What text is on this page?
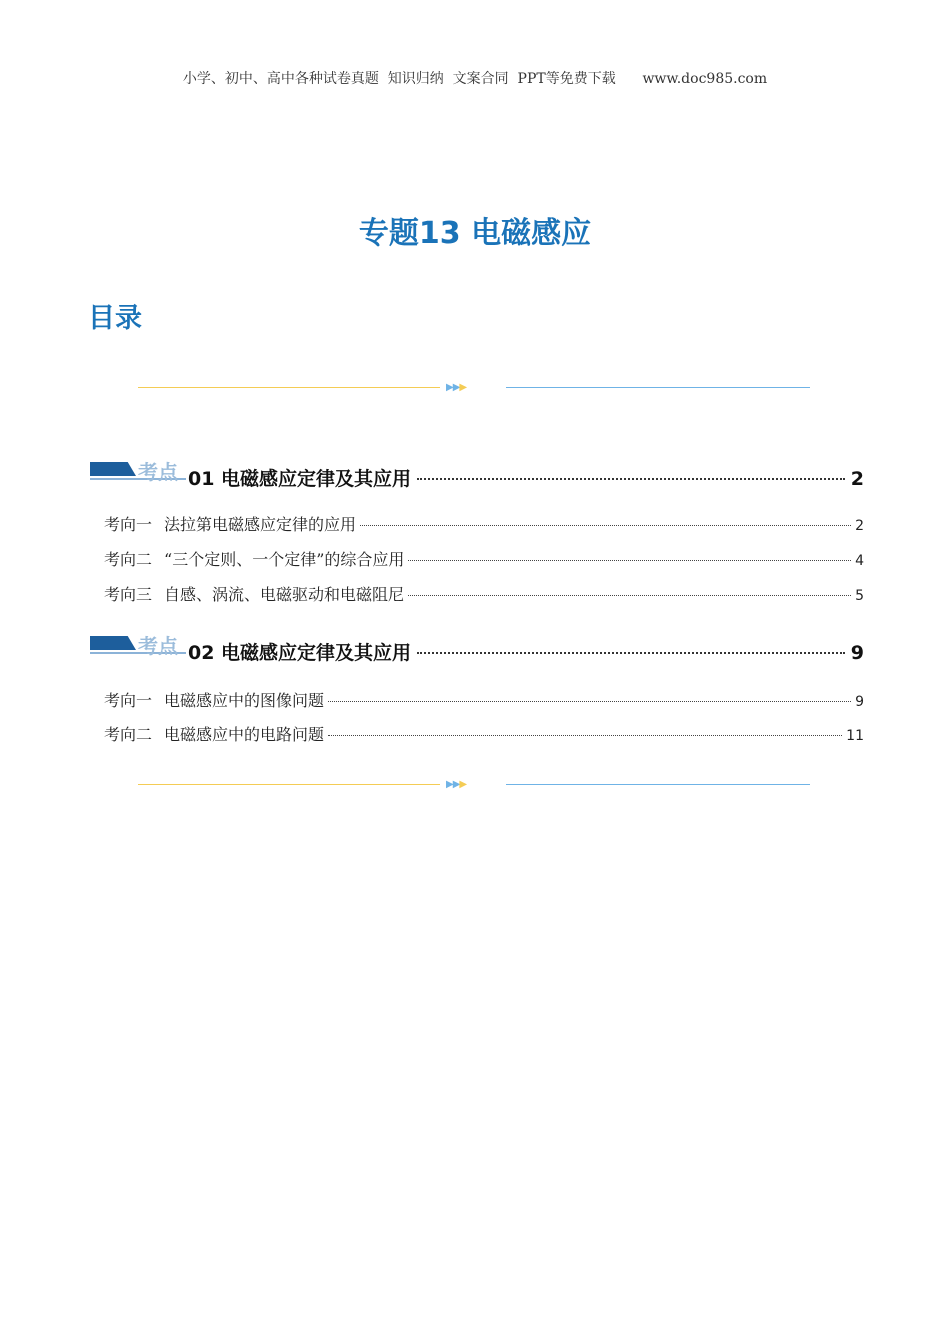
小学、初中、高中各种试卷真题  知识归纳  文案合同  PPT等免费下载      www.doc985.com
专题13 电磁感应
目录
▶▶▶
考点 01 电磁感应定律及其应用	2
考向一 法拉第电磁感应定律的应用	2
考向二 “三个定则、一个定律”的综合应用	4
考向三 自感、涡流、电磁驱动和电磁阻尼	5
考点 02 电磁感应定律及其应用	9
考向一 电磁感应中的图像问题	9
考向二 电磁感应中的电路问题	11
▶▶▶
